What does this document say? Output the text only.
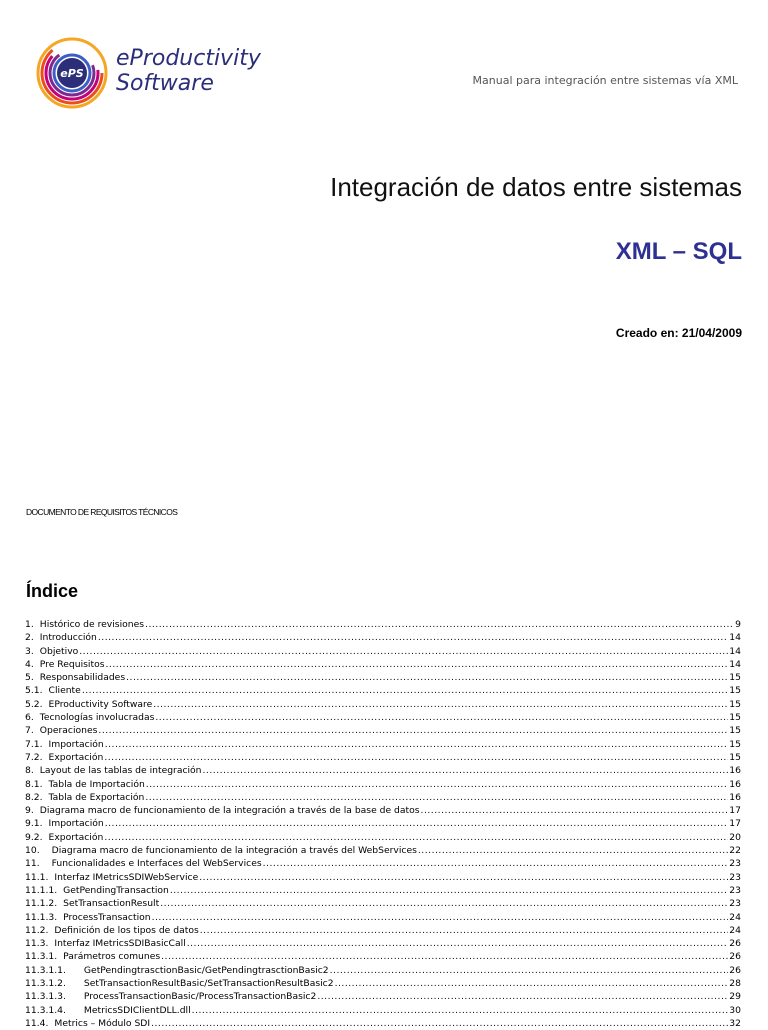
ePS
eProductivity
Software	Manual para integración entre sistemas vía XML
Integración de datos entre sistemas
XML – SQL
Creado en: 21/04/2009
DOCUMENTO DE REQUISITOS TÉCNICOS
Índice
1. Histórico de revisiones .....	9
2. Introducción .....	14
3. Objetivo .....	14
4. Pre Requisitos .....	14
5. Responsabilidades .....	15
5.1. Cliente .....	15
5.2. EProductivity Software .....	15
6. Tecnologías involucradas .....	15
7. Operaciones .....	15
7.1. Importación .....	15
7.2. Exportación .....	15
8. Layout de las tablas de integración .....	16
8.1. Tabla de Importación .....	16
8.2. Tabla de Exportación .....	16
9. Diagrama macro de funcionamiento de la integración a través de la base de datos .....	17
9.1. Importación .....	17
9.2. Exportación .....	20
10.	Diagrama macro de funcionamiento de la integración a través del WebServices .....	22
11.	Funcionalidades e Interfaces del WebServices .....	23
11.1. Interfaz IMetricsSDIWebService .....	23
11.1.1. GetPendingTransaction .....	23
11.1.2. SetTransactionResult .....	23
11.1.3. ProcessTransaction .....	24
11.2. Definición de los tipos de datos .....	24
11.3. Interfaz IMetricsSDIBasicCall .....	26
11.3.1. Parámetros comunes .....	26
11.3.1.1.	GetPendingtrasctionBasic/GetPendingtrasctionBasic2 .....	26
11.3.1.2.	SetTransactionResultBasic/SetTransactionResultBasic2 .....	28
11.3.1.3.	ProcessTransactionBasic/ProcessTransactionBasic2 .....	29
11.3.1.4.	MetricsSDIClientDLL.dll .....	30
11.4. Metrics – Módulo SDI .....	32
